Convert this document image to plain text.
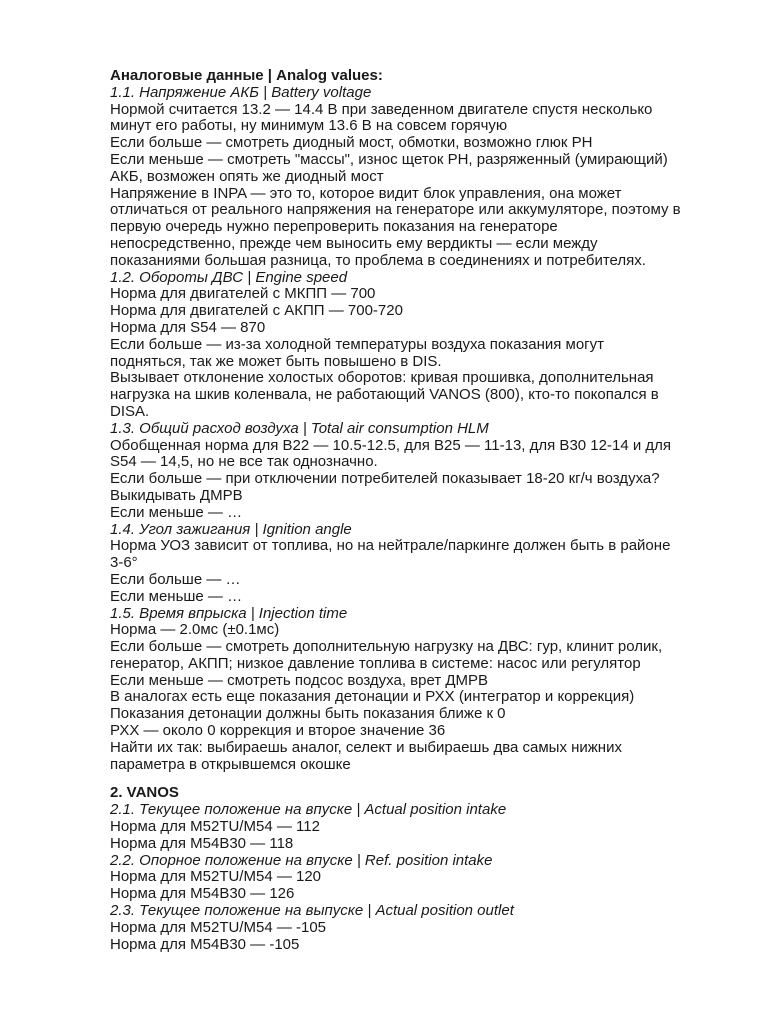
Аналоговые данные | Analog values:
1.1. Напряжение АКБ | Battery voltage
Нормой считается 13.2 — 14.4 В при заведенном двигателе спустя несколько
минут его работы, ну минимум 13.6 В на совсем горячую
Если больше — смотреть диодный мост, обмотки, возможно глюк РН
Если меньше — смотреть "массы", износ щеток РН, разряженный (умирающий)
АКБ, возможен опять же диодный мост
Напряжение в INPA — это то, которое видит блок управления, она может
отличаться от реального напряжения на генераторе или аккумуляторе, поэтому в
первую очередь нужно перепроверить показания на генераторе
непосредственно, прежде чем выносить ему вердикты — если между
показаниями большая разница, то проблема в соединениях и потребителях.
1.2. Обороты ДВС | Engine speed
Норма для двигателей с МКПП — 700
Норма для двигателей с АКПП — 700-720
Норма для S54 — 870
Если больше — из-за холодной температуры воздуха показания могут
подняться, так же может быть повышено в DIS.
Вызывает отклонение холостых оборотов: кривая прошивка, дополнительная
нагрузка на шкив коленвала, не работающий VANOS (800), кто-то покопался в
DISA.
1.3. Общий расход воздуха | Total air consumption HLM
Обобщенная норма для B22 — 10.5-12.5, для B25 — 11-13, для B30 12-14 и для
S54 — 14,5, но не все так однозначно.
Если больше — при отключении потребителей показывает 18-20 кг/ч воздуха?
Выкидывать ДМРВ
Если меньше — …
1.4. Угол зажигания | Ignition angle
Норма УОЗ зависит от топлива, но на нейтрале/паркинге должен быть в районе
3-6°
Если больше — …
Если меньше — …
1.5. Время впрыска | Injection time
Норма — 2.0мс (±0.1мс)
Если больше — смотреть дополнительную нагрузку на ДВС: гур, клинит ролик,
генератор, АКПП; низкое давление топлива в системе: насос или регулятор
Если меньше — смотреть подсос воздуха, врет ДМРВ
В аналогах есть еще показания детонации и РХХ (интегратор и коррекция)
Показания детонации должны быть показания ближе к 0
РХХ — около 0 коррекция и второе значение 36
Найти их так: выбираешь аналог, селект и выбираешь два самых нижних
параметра в открывшемся окошке
2. VANOS
2.1. Текущее положение на впуске | Actual position intake
Норма для M52TU/M54 — 112
Норма для M54B30 — 118
2.2. Опорное положение на впуске | Ref. position intake
Норма для M52TU/M54 — 120
Норма для M54B30 — 126
2.3. Текущее положение на выпуске | Actual position outlet
Норма для M52TU/M54 — -105
Норма для M54B30 — -105
